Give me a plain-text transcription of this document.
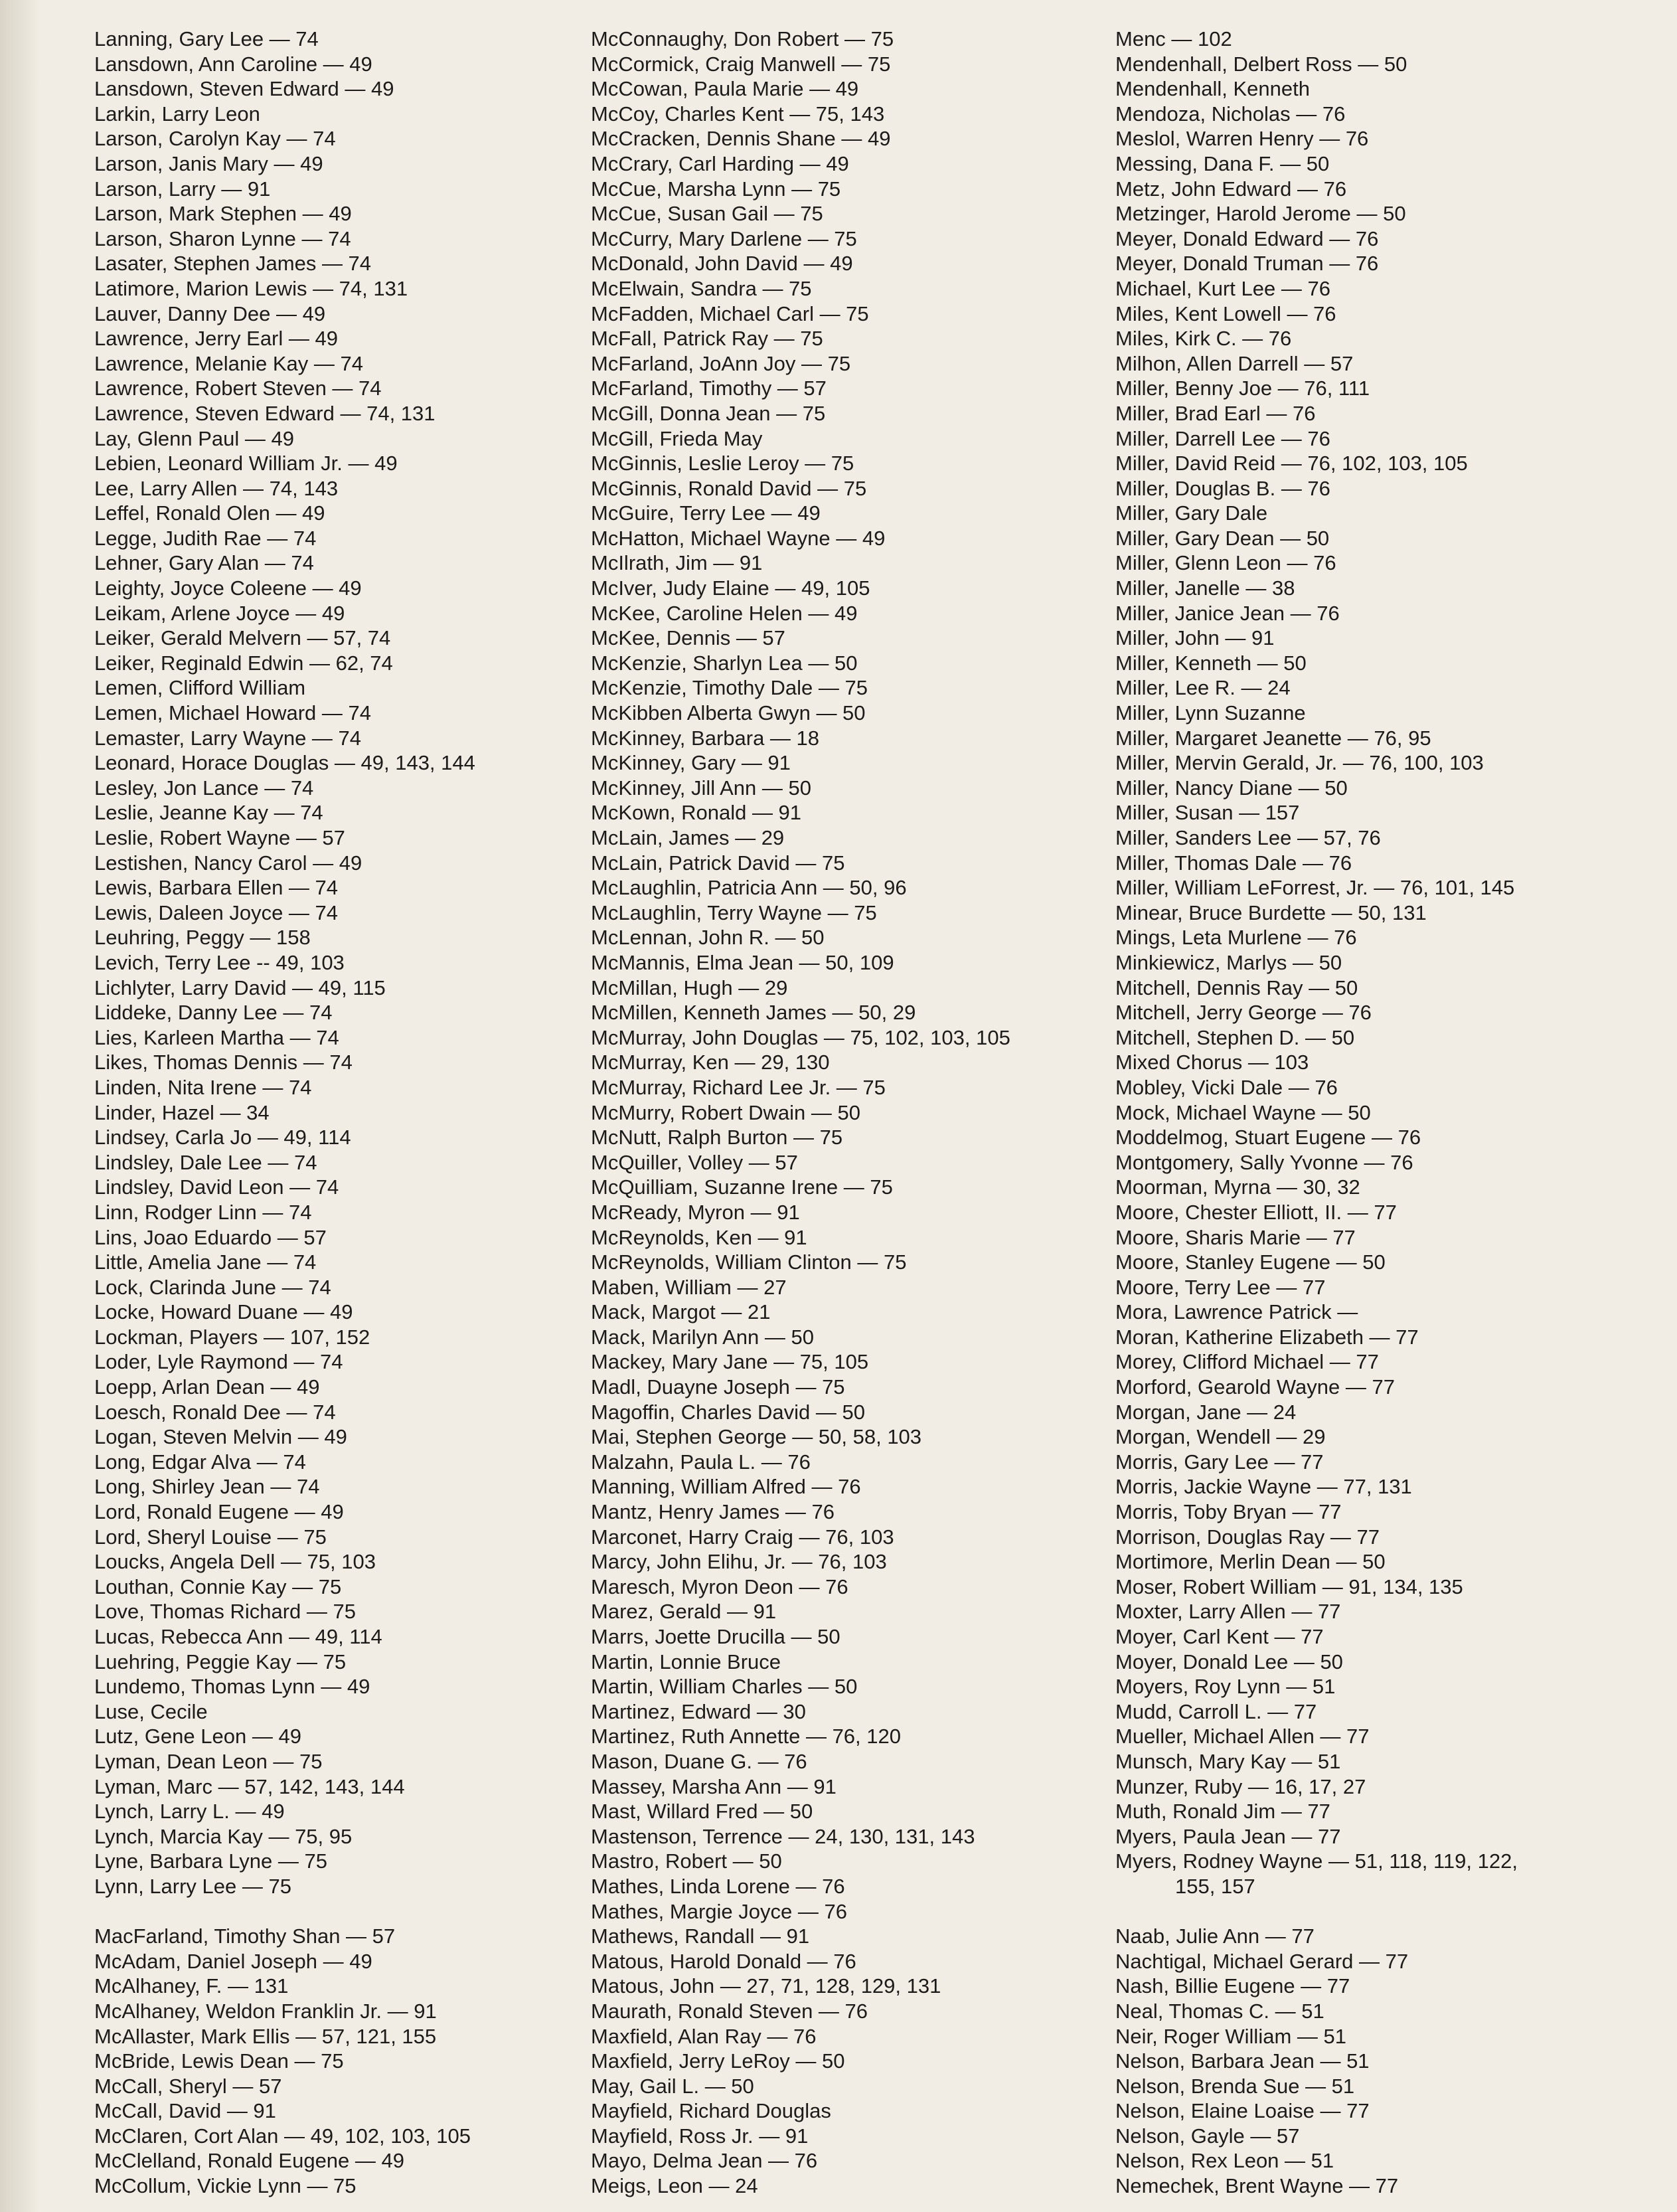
Lanning, Gary Lee — 74
Lansdown, Ann Caroline — 49
Lansdown, Steven Edward — 49
Larkin, Larry Leon
Larson, Carolyn Kay — 74
Larson, Janis Mary — 49
Larson, Larry — 91
Larson, Mark Stephen — 49
Larson, Sharon Lynne — 74
Lasater, Stephen James — 74
Latimore, Marion Lewis — 74, 131
Lauver, Danny Dee — 49
Lawrence, Jerry Earl — 49
Lawrence, Melanie Kay — 74
Lawrence, Robert Steven — 74
Lawrence, Steven Edward — 74, 131
Lay, Glenn Paul — 49
Lebien, Leonard William Jr. — 49
Lee, Larry Allen — 74, 143
Leffel, Ronald Olen — 49
Legge, Judith Rae — 74
Lehner, Gary Alan — 74
Leighty, Joyce Coleene — 49
Leikam, Arlene Joyce — 49
Leiker, Gerald Melvern — 57, 74
Leiker, Reginald Edwin — 62, 74
Lemen, Clifford William
Lemen, Michael Howard — 74
Lemaster, Larry Wayne — 74
Leonard, Horace Douglas — 49, 143, 144
Lesley, Jon Lance — 74
Leslie, Jeanne Kay — 74
Leslie, Robert Wayne — 57
Lestishen, Nancy Carol — 49
Lewis, Barbara Ellen — 74
Lewis, Daleen Joyce — 74
Leuhring, Peggy — 158
Levich, Terry Lee -- 49, 103
Lichlyter, Larry David — 49, 115
Liddeke, Danny Lee — 74
Lies, Karleen Martha — 74
Likes, Thomas Dennis — 74
Linden, Nita Irene — 74
Linder, Hazel — 34
Lindsey, Carla Jo — 49, 114
Lindsley, Dale Lee — 74
Lindsley, David Leon — 74
Linn, Rodger Linn — 74
Lins, Joao Eduardo — 57
Little, Amelia Jane — 74
Lock, Clarinda June — 74
Locke, Howard Duane — 49
Lockman, Players — 107, 152
Loder, Lyle Raymond — 74
Loepp, Arlan Dean — 49
Loesch, Ronald Dee — 74
Logan, Steven Melvin — 49
Long, Edgar Alva — 74
Long, Shirley Jean — 74
Lord, Ronald Eugene — 49
Lord, Sheryl Louise — 75
Loucks, Angela Dell — 75, 103
Louthan, Connie Kay — 75
Love, Thomas Richard — 75
Lucas, Rebecca Ann — 49, 114
Luehring, Peggie Kay — 75
Lundemo, Thomas Lynn — 49
Luse, Cecile
Lutz, Gene Leon — 49
Lyman, Dean Leon — 75
Lyman, Marc — 57, 142, 143, 144
Lynch, Larry L. — 49
Lynch, Marcia Kay — 75, 95
Lyne, Barbara Lyne — 75
Lynn, Larry Lee — 75
MacFarland, Timothy Shan — 57
McAdam, Daniel Joseph — 49
McAlhaney, F. — 131
McAlhaney, Weldon Franklin Jr. — 91
McAllaster, Mark Ellis — 57, 121, 155
McBride, Lewis Dean — 75
McCall, Sheryl — 57
McCall, David — 91
McClaren, Cort Alan — 49, 102, 103, 105
McClelland, Ronald Eugene — 49
McCollum, Vickie Lynn — 75
McConnaughy, Don Robert — 75
McCormick, Craig Manwell — 75
McCowan, Paula Marie — 49
McCoy, Charles Kent — 75, 143
McCracken, Dennis Shane — 49
McCrary, Carl Harding — 49
McCue, Marsha Lynn — 75
McCue, Susan Gail — 75
McCurry, Mary Darlene — 75
McDonald, John David — 49
McElwain, Sandra — 75
McFadden, Michael Carl — 75
McFall, Patrick Ray — 75
McFarland, JoAnn Joy — 75
McFarland, Timothy — 57
McGill, Donna Jean — 75
McGill, Frieda May
McGinnis, Leslie Leroy — 75
McGinnis, Ronald David — 75
McGuire, Terry Lee — 49
McHatton, Michael Wayne — 49
McIlrath, Jim — 91
McIver, Judy Elaine — 49, 105
McKee, Caroline Helen — 49
McKee, Dennis — 57
McKenzie, Sharlyn Lea — 50
McKenzie, Timothy Dale — 75
McKibben Alberta Gwyn — 50
McKinney, Barbara — 18
McKinney, Gary — 91
McKinney, Jill Ann — 50
McKown, Ronald — 91
McLain, James — 29
McLain, Patrick David — 75
McLaughlin, Patricia Ann — 50, 96
McLaughlin, Terry Wayne — 75
McLennan, John R. — 50
McMannis, Elma Jean — 50, 109
McMillan, Hugh — 29
McMillen, Kenneth James — 50, 29
McMurray, John Douglas — 75, 102, 103, 105
McMurray, Ken — 29, 130
McMurray, Richard Lee Jr. — 75
McMurry, Robert Dwain — 50
McNutt, Ralph Burton — 75
McQuiller, Volley — 57
McQuilliam, Suzanne Irene — 75
McReady, Myron — 91
McReynolds, Ken — 91
McReynolds, William Clinton — 75
Maben, William — 27
Mack, Margot — 21
Mack, Marilyn Ann — 50
Mackey, Mary Jane — 75, 105
Madl, Duayne Joseph — 75
Magoffin, Charles David — 50
Mai, Stephen George — 50, 58, 103
Malzahn, Paula L. — 76
Manning, William Alfred — 76
Mantz, Henry James — 76
Marconet, Harry Craig — 76, 103
Marcy, John Elihu, Jr. — 76, 103
Maresch, Myron Deon — 76
Marez, Gerald — 91
Marrs, Joette Drucilla — 50
Martin, Lonnie Bruce
Martin, William Charles — 50
Martinez, Edward — 30
Martinez, Ruth Annette — 76, 120
Mason, Duane G. — 76
Massey, Marsha Ann — 91
Mast, Willard Fred — 50
Mastenson, Terrence — 24, 130, 131, 143
Mastro, Robert — 50
Mathes, Linda Lorene — 76
Mathes, Margie Joyce — 76
Mathews, Randall — 91
Matous, Harold Donald — 76
Matous, John — 27, 71, 128, 129, 131
Maurath, Ronald Steven — 76
Maxfield, Alan Ray — 76
Maxfield, Jerry LeRoy — 50
May, Gail L. — 50
Mayfield, Richard Douglas
Mayfield, Ross Jr. — 91
Mayo, Delma Jean — 76
Meigs, Leon — 24
Menc — 102
Mendenhall, Delbert Ross — 50
Mendenhall, Kenneth
Mendoza, Nicholas — 76
Meslol, Warren Henry — 76
Messing, Dana F. — 50
Metz, John Edward — 76
Metzinger, Harold Jerome — 50
Meyer, Donald Edward — 76
Meyer, Donald Truman — 76
Michael, Kurt Lee — 76
Miles, Kent Lowell — 76
Miles, Kirk C. — 76
Milhon, Allen Darrell — 57
Miller, Benny Joe — 76, 111
Miller, Brad Earl — 76
Miller, Darrell Lee — 76
Miller, David Reid — 76, 102, 103, 105
Miller, Douglas B. — 76
Miller, Gary Dale
Miller, Gary Dean — 50
Miller, Glenn Leon — 76
Miller, Janelle — 38
Miller, Janice Jean — 76
Miller, John — 91
Miller, Kenneth — 50
Miller, Lee R. — 24
Miller, Lynn Suzanne
Miller, Margaret Jeanette — 76, 95
Miller, Mervin Gerald, Jr. — 76, 100, 103
Miller, Nancy Diane — 50
Miller, Susan — 157
Miller, Sanders Lee — 57, 76
Miller, Thomas Dale — 76
Miller, William LeForrest, Jr. — 76, 101, 145
Minear, Bruce Burdette — 50, 131
Mings, Leta Murlene — 76
Minkiewicz, Marlys — 50
Mitchell, Dennis Ray — 50
Mitchell, Jerry George — 76
Mitchell, Stephen D. — 50
Mixed Chorus — 103
Mobley, Vicki Dale — 76
Mock, Michael Wayne — 50
Moddelmog, Stuart Eugene — 76
Montgomery, Sally Yvonne — 76
Moorman, Myrna — 30, 32
Moore, Chester Elliott, II. — 77
Moore, Sharis Marie — 77
Moore, Stanley Eugene — 50
Moore, Terry Lee — 77
Mora, Lawrence Patrick —
Moran, Katherine Elizabeth — 77
Morey, Clifford Michael — 77
Morford, Gearold Wayne — 77
Morgan, Jane — 24
Morgan, Wendell — 29
Morris, Gary Lee — 77
Morris, Jackie Wayne — 77, 131
Morris, Toby Bryan — 77
Morrison, Douglas Ray — 77
Mortimore, Merlin Dean — 50
Moser, Robert William — 91, 134, 135
Moxter, Larry Allen — 77
Moyer, Carl Kent — 77
Moyer, Donald Lee — 50
Moyers, Roy Lynn — 51
Mudd, Carroll L. — 77
Mueller, Michael Allen — 77
Munsch, Mary Kay — 51
Munzer, Ruby — 16, 17, 27
Muth, Ronald Jim — 77
Myers, Paula Jean — 77
Myers, Rodney Wayne — 51, 118, 119, 122,
155, 157
Naab, Julie Ann — 77
Nachtigal, Michael Gerard — 77
Nash, Billie Eugene — 77
Neal, Thomas C. — 51
Neir, Roger William — 51
Nelson, Barbara Jean — 51
Nelson, Brenda Sue — 51
Nelson, Elaine Loaise — 77
Nelson, Gayle — 57
Nelson, Rex Leon — 51
Nemechek, Brent Wayne — 77
